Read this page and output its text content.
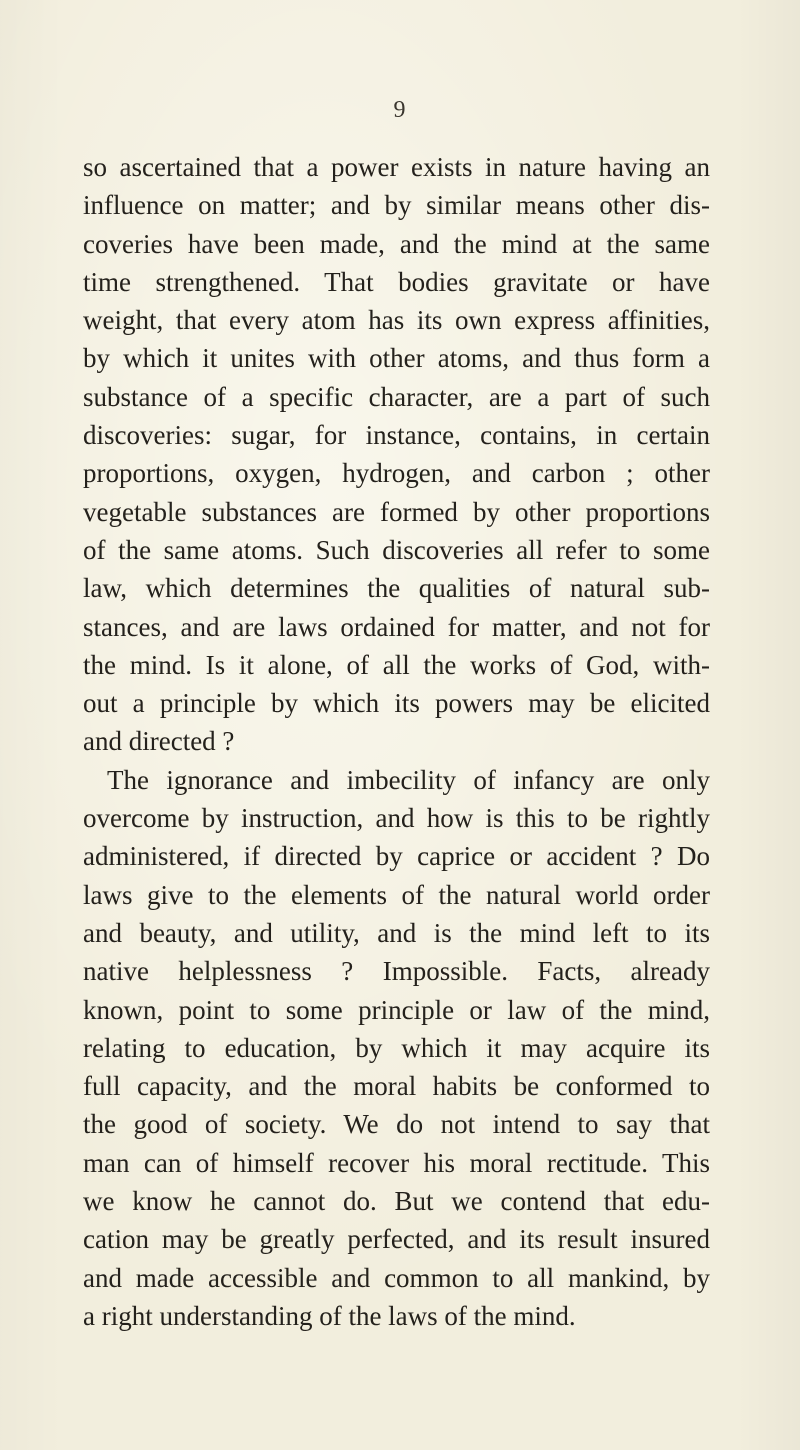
9
so ascertained that a power exists in nature having an
influence on matter; and by similar means other dis-
coveries have been made, and the mind at the same
time strengthened. That bodies gravitate or have
weight, that every atom has its own express affinities,
by which it unites with other atoms, and thus form a
substance of a specific character, are a part of such
discoveries: sugar, for instance, contains, in certain
proportions, oxygen, hydrogen, and carbon ; other
vegetable substances are formed by other proportions
of the same atoms. Such discoveries all refer to some
law, which determines the qualities of natural sub-
stances, and are laws ordained for matter, and not for
the mind. Is it alone, of all the works of God, with-
out a principle by which its powers may be elicited
and directed ?
The ignorance and imbecility of infancy are only
overcome by instruction, and how is this to be rightly
administered, if directed by caprice or accident ? Do
laws give to the elements of the natural world order
and beauty, and utility, and is the mind left to its
native helplessness ? Impossible. Facts, already
known, point to some principle or law of the mind,
relating to education, by which it may acquire its
full capacity, and the moral habits be conformed to
the good of society. We do not intend to say that
man can of himself recover his moral rectitude. This
we know he cannot do. But we contend that edu-
cation may be greatly perfected, and its result insured
and made accessible and common to all mankind, by
a right understanding of the laws of the mind.
